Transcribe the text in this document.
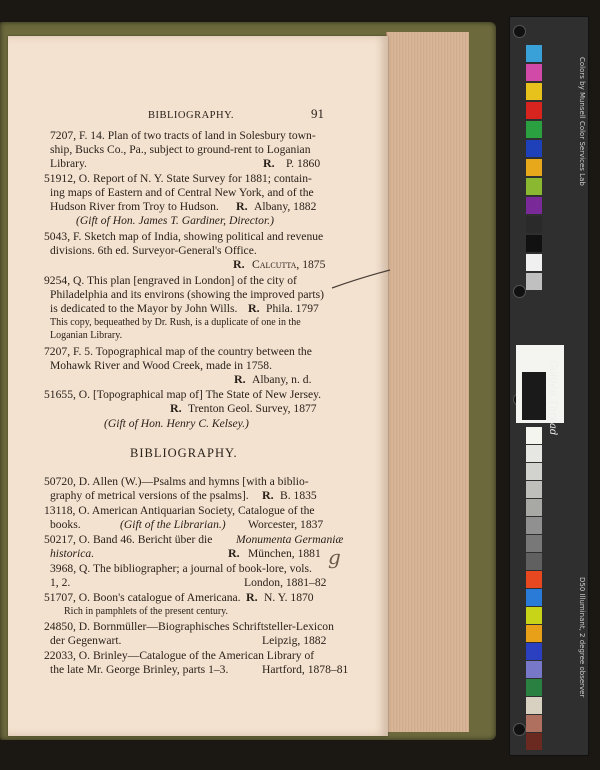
BIBLIOGRAPHY.	91
7207, F. 14. Plan of two tracts of land in Solesbury town-
ship, Bucks Co., Pa., subject to ground-rent to Loganian
Library.	R. P. 1860
51912, O. Report of N. Y. State Survey for 1881; contain-
ing maps of Eastern and of Central New York, and of the
Hudson River from Troy to Hudson. R. Albany, 1882
(Gift of Hon. James T. Gardiner, Director.)
5043, F. Sketch map of India, showing political and revenue
divisions. 6th ed. Surveyor-General's Office.
R. Calcutta, 1875
9254, Q. This plan [engraved in London] of the city of
Philadelphia and its environs (showing the improved parts)
is dedicated to the Mayor by John Wills. R. Phila. 1797
This copy, bequeathed by Dr. Rush, is a duplicate of one in the
Loganian Library.
7207, F. 5. Topographical map of the country between the
Mohawk River and Wood Creek, made in 1758.
R. Albany, n. d.
51655, O. [Topographical map of] The State of New Jersey.
R. Trenton Geol. Survey, 1877
(Gift of Hon. Henry C. Kelsey.)
BIBLIOGRAPHY.
50720, D. Allen (W.)—Psalms and hymns [with a biblio-
graphy of metrical versions of the psalms]. R. B. 1835
13118, O. American Antiquarian Society, Catalogue of the
books.	(Gift of the Librarian.) Worcester, 1837
50217, O. Band 46. Bericht über die Monumenta Germaniæ
historica.	R. München, 1881
3968, Q. The bibliographer; a journal of book-lore, vols.
1, 2.	London, 1881–82
51707, O. Boon's catalogue of Americana. R. N. Y. 1870
Rich in pamphlets of the present century.
24850, D. Bornmüller—Biographisches Schriftsteller-Lexicon
der Gegenwart.	Leipzig, 1882
22033, O. Brinley—Catalogue of the American Library of
the late Mr. George Brinley, parts 1–3.	Hartford, 1878–81
g
Colors by Munsell Color Services Lab
D50 Illuminant, 2 degree observer
Golden Thread
